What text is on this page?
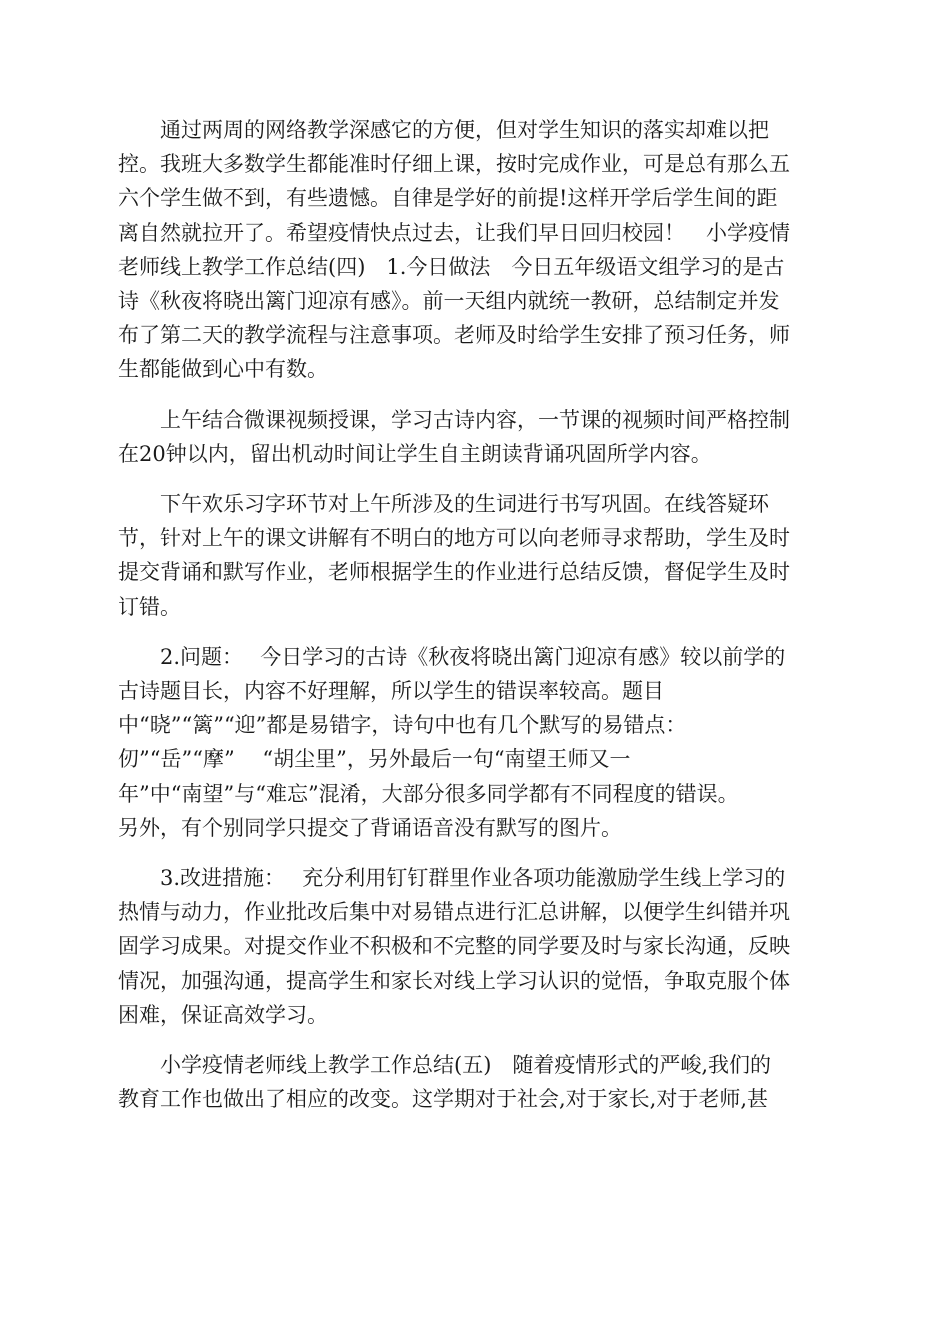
通过两周的网络教学深感它的方便，但对学生知识的落实却难以把
控。我班大多数学生都能准时仔细上课，按时完成作业，可是总有那么五
六个学生做不到，有些遗憾。自律是学好的前提!这样开学后学生间的距
离自然就拉开了。希望疫情快点过去，让我们早日回归校园！　小学疫情
老师线上教学工作总结(四)　1.今日做法　今日五年级语文组学习的是古
诗《秋夜将晓出篱门迎凉有感》。前一天组内就统一教研，总结制定并发
布了第二天的教学流程与注意事项。老师及时给学生安排了预习任务，师
生都能做到心中有数。

上午结合微课视频授课，学习古诗内容，一节课的视频时间严格控制
在20钟以内，留出机动时间让学生自主朗读背诵巩固所学内容。

下午欢乐习字环节对上午所涉及的生词进行书写巩固。在线答疑环
节，针对上午的课文讲解有不明白的地方可以向老师寻求帮助，学生及时
提交背诵和默写作业，老师根据学生的作业进行总结反馈，督促学生及时
订错。

2.问题：　 今日学习的古诗《秋夜将晓出篱门迎凉有感》较以前学的
古诗题目长，内容不好理解，所以学生的错误率较高。题目
中“晓”“篱”“迎”都是易错字，诗句中也有几个默写的易错点：
仞”“岳”“摩”　 “胡尘里”，另外最后一句“南望王师又一
年”中“南望”与“难忘”混淆，大部分很多同学都有不同程度的错误。
另外，有个别同学只提交了背诵语音没有默写的图片。

3.改进措施：　 充分利用钉钉群里作业各项功能激励学生线上学习的
热情与动力，作业批改后集中对易错点进行汇总讲解，以便学生纠错并巩
固学习成果。对提交作业不积极和不完整的同学要及时与家长沟通，反映
情况，加强沟通，提高学生和家长对线上学习认识的觉悟，争取克服个体
困难，保证高效学习。

小学疫情老师线上教学工作总结(五)　随着疫情形式的严峻,我们的
教育工作也做出了相应的改变。这学期对于社会,对于家长,对于老师,甚
